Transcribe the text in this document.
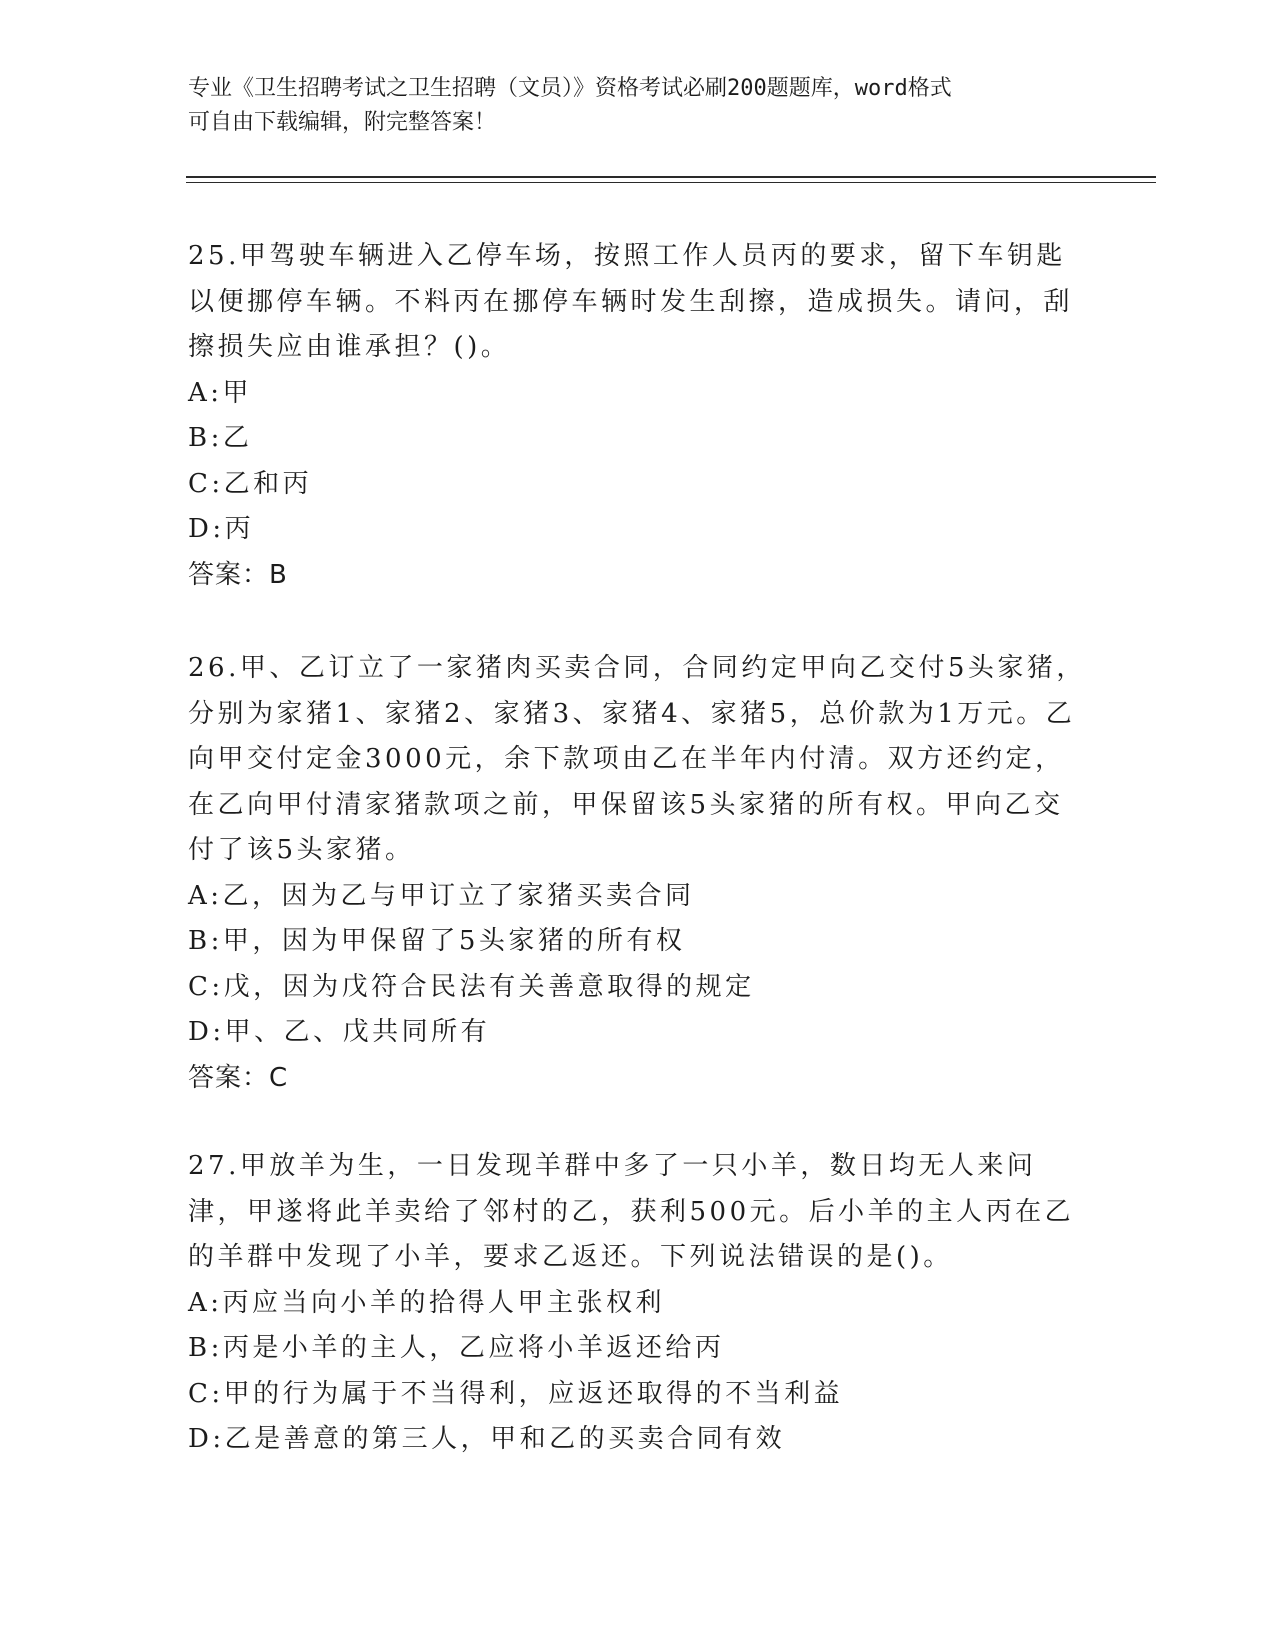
专业《卫生招聘考试之卫生招聘（文员）》资格考试必刷200题题库，word格式
可自由下载编辑，附完整答案！

25.甲驾驶车辆进入乙停车场，按照工作人员丙的要求，留下车钥匙以便挪停车辆。不料丙在挪停车辆时发生刮擦，造成损失。请问，刮擦损失应由谁承担？()。

A:甲

B:乙

C:乙和丙

D:丙

答案：B

26.甲、乙订立了一家猪肉买卖合同，合同约定甲向乙交付5头家猪，分别为家猪1、家猪2、家猪3、家猪4、家猪5，总价款为1万元。乙向甲交付定金3000元，余下款项由乙在半年内付清。双方还约定，在乙向甲付清家猪款项之前，甲保留该5头家猪的所有权。甲向乙交付了该5头家猪。

A:乙，因为乙与甲订立了家猪买卖合同

B:甲，因为甲保留了5头家猪的所有权

C:戊，因为戊符合民法有关善意取得的规定

D:甲、乙、戊共同所有

答案：C

27.甲放羊为生，一日发现羊群中多了一只小羊，数日均无人来问津，甲遂将此羊卖给了邻村的乙，获利500元。后小羊的主人丙在乙的羊群中发现了小羊，要求乙返还。下列说法错误的是()。

A:丙应当向小羊的拾得人甲主张权利

B:丙是小羊的主人，乙应将小羊返还给丙

C:甲的行为属于不当得利，应返还取得的不当利益

D:乙是善意的第三人，甲和乙的买卖合同有效
